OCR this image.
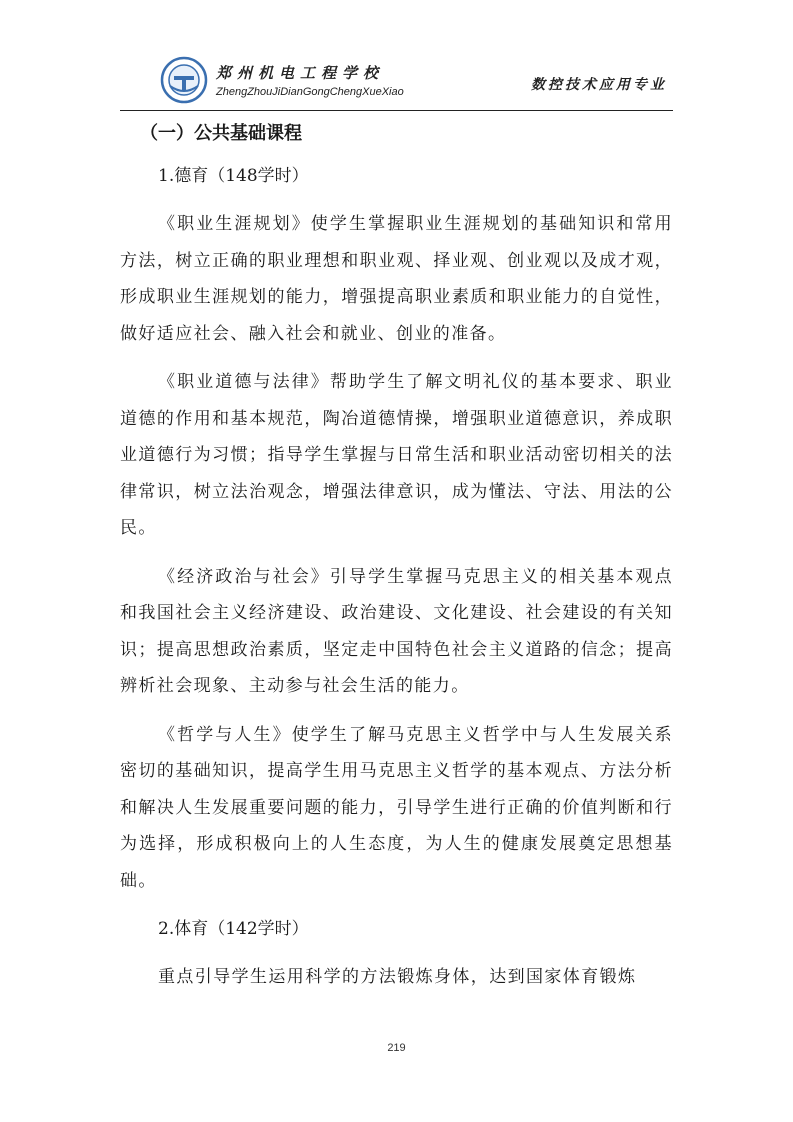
郑州机电工程学校
ZhengZhouJiDianGongChengXueXiao	数控技术应用专业
（一）公共基础课程
1.德育（148学时）

《职业生涯规划》使学生掌握职业生涯规划的基础知识和常用方法，树立正确的职业理想和职业观、择业观、创业观以及成才观，形成职业生涯规划的能力，增强提高职业素质和职业能力的自觉性，做好适应社会、融入社会和就业、创业的准备。

《职业道德与法律》帮助学生了解文明礼仪的基本要求、职业道德的作用和基本规范，陶冶道德情操，增强职业道德意识，养成职业道德行为习惯；指导学生掌握与日常生活和职业活动密切相关的法律常识，树立法治观念，增强法律意识，成为懂法、守法、用法的公民。

《经济政治与社会》引导学生掌握马克思主义的相关基本观点和我国社会主义经济建设、政治建设、文化建设、社会建设的有关知识；提高思想政治素质，坚定走中国特色社会主义道路的信念；提高辨析社会现象、主动参与社会生活的能力。

《哲学与人生》使学生了解马克思主义哲学中与人生发展关系密切的基础知识，提高学生用马克思主义哲学的基本观点、方法分析和解决人生发展重要问题的能力，引导学生进行正确的价值判断和行为选择，形成积极向上的人生态度，为人生的健康发展奠定思想基础。

2.体育（142学时）

重点引导学生运用科学的方法锻炼身体，达到国家体育锻炼

219
